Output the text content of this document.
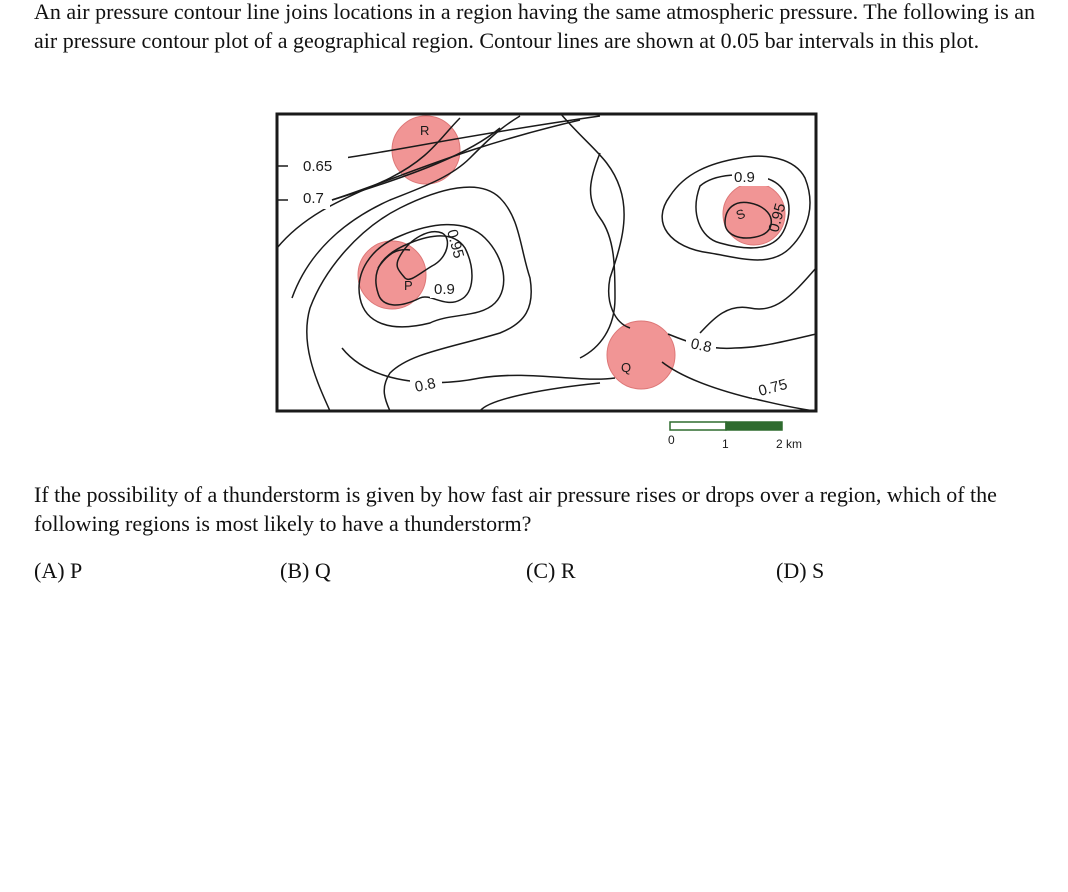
An air pressure contour line joins locations in a region having the same atmospheric pressure. The following is an air pressure contour plot of a geographical region. Contour lines are shown at 0.05 bar intervals in this plot.

0.65
0.7
0.95
0.9
0.8
0.8
0.9
0.95
0.75
R
P
Q
S
0	1	2 km

If the possibility of a thunderstorm is given by how fast air pressure rises or drops over a region, which of the following regions is most likely to have a thunderstorm?

(A) P	(B) Q	(C) R	(D) S
